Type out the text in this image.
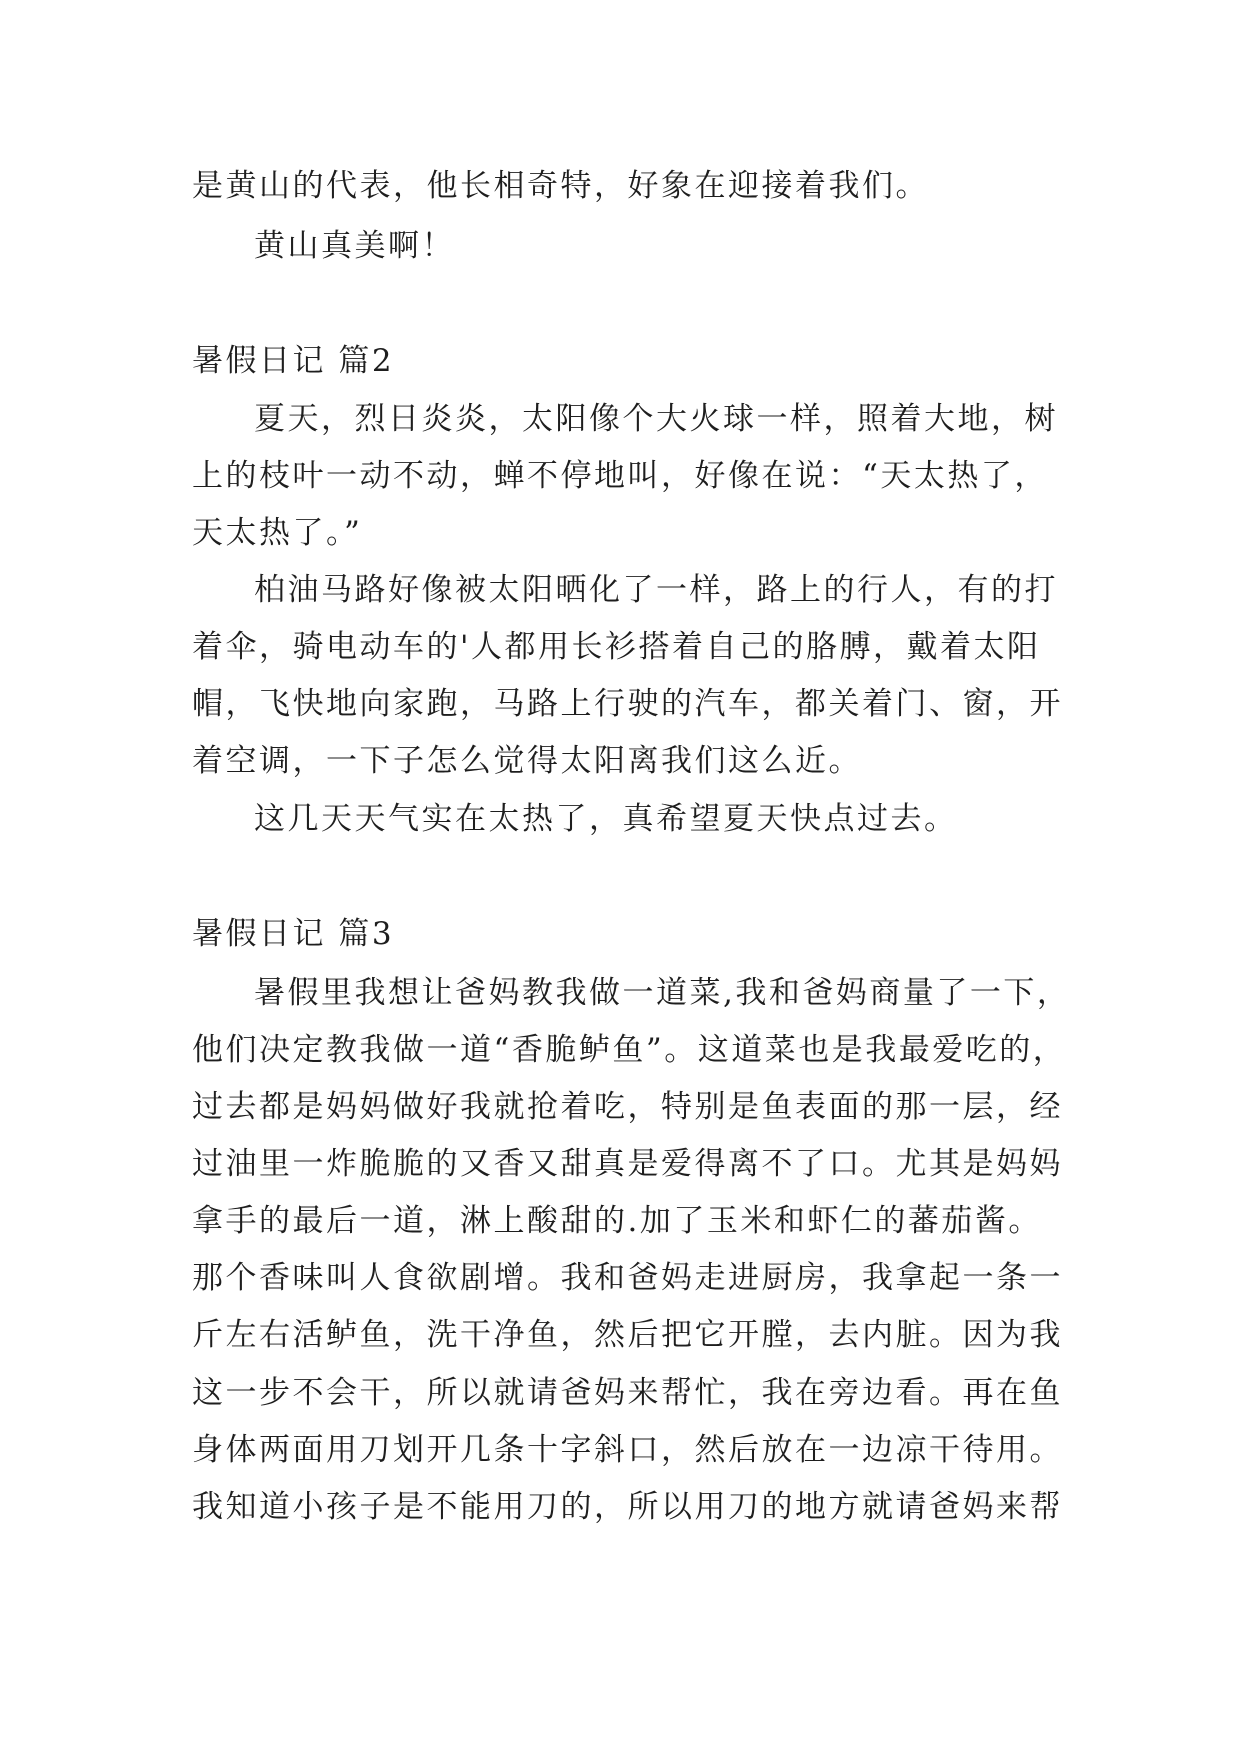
是黄山的代表，他长相奇特，好象在迎接着我们。
黄山真美啊！
暑假日记 篇2
夏天，烈日炎炎，太阳像个大火球一样，照着大地，树
上的枝叶一动不动，蝉不停地叫，好像在说：“天太热了，
天太热了。”
柏油马路好像被太阳晒化了一样，路上的行人，有的打
着伞，骑电动车的'人都用长衫搭着自己的胳膊，戴着太阳
帽，飞快地向家跑，马路上行驶的汽车，都关着门、窗，开
着空调，一下子怎么觉得太阳离我们这么近。
这几天天气实在太热了，真希望夏天快点过去。
暑假日记 篇3
暑假里我想让爸妈教我做一道菜,我和爸妈商量了一下，
他们决定教我做一道“香脆鲈鱼”。这道菜也是我最爱吃的，
过去都是妈妈做好我就抢着吃，特别是鱼表面的那一层，经
过油里一炸脆脆的又香又甜真是爱得离不了口。尤其是妈妈
拿手的最后一道，淋上酸甜的.加了玉米和虾仁的蕃茄酱。
那个香味叫人食欲剧增。我和爸妈走进厨房，我拿起一条一
斤左右活鲈鱼，洗干净鱼，然后把它开膛，去内脏。因为我
这一步不会干，所以就请爸妈来帮忙，我在旁边看。再在鱼
身体两面用刀划开几条十字斜口，然后放在一边凉干待用。
我知道小孩子是不能用刀的，所以用刀的地方就请爸妈来帮
